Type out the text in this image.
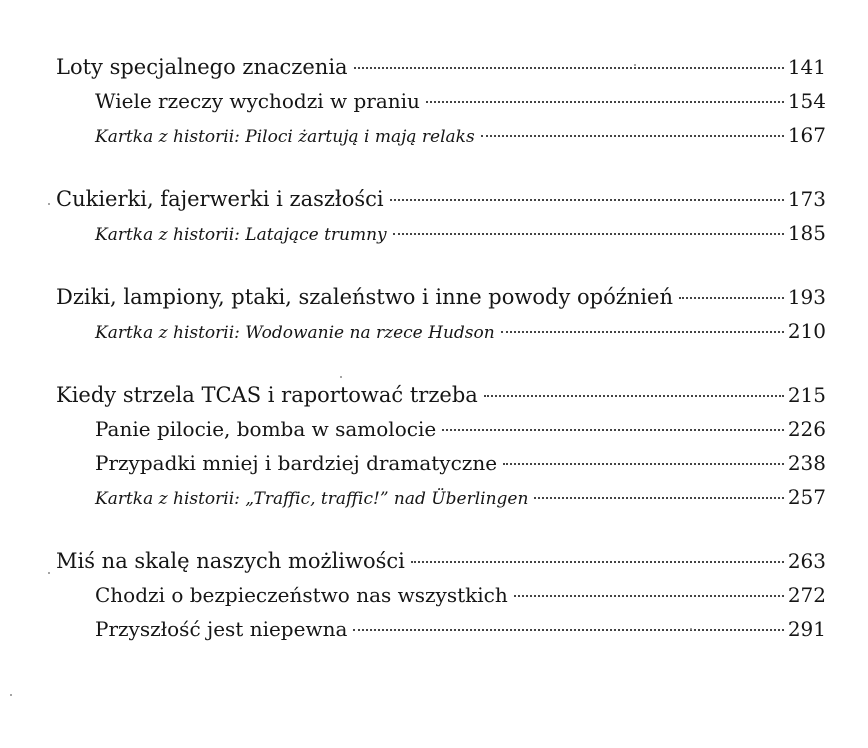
Loty specjalnego znaczenia	141
Wiele rzeczy wychodzi w praniu	154
Kartka z historii: Piloci żartują i mają relaks	167
Cukierki, fajerwerki i zaszłości	173
Kartka z historii: Latające trumny	185
Dziki, lampiony, ptaki, szaleństwo i inne powody opóźnień	193
Kartka z historii: Wodowanie na rzece Hudson	210
Kiedy strzela TCAS i raportować trzeba	215
Panie pilocie, bomba w samolocie	226
Przypadki mniej i bardziej dramatyczne	238
Kartka z historii: „Traffic, traffic!” nad Überlingen	257
Miś na skalę naszych możliwości	263
Chodzi o bezpieczeństwo nas wszystkich	272
Przyszłość jest niepewna	291
